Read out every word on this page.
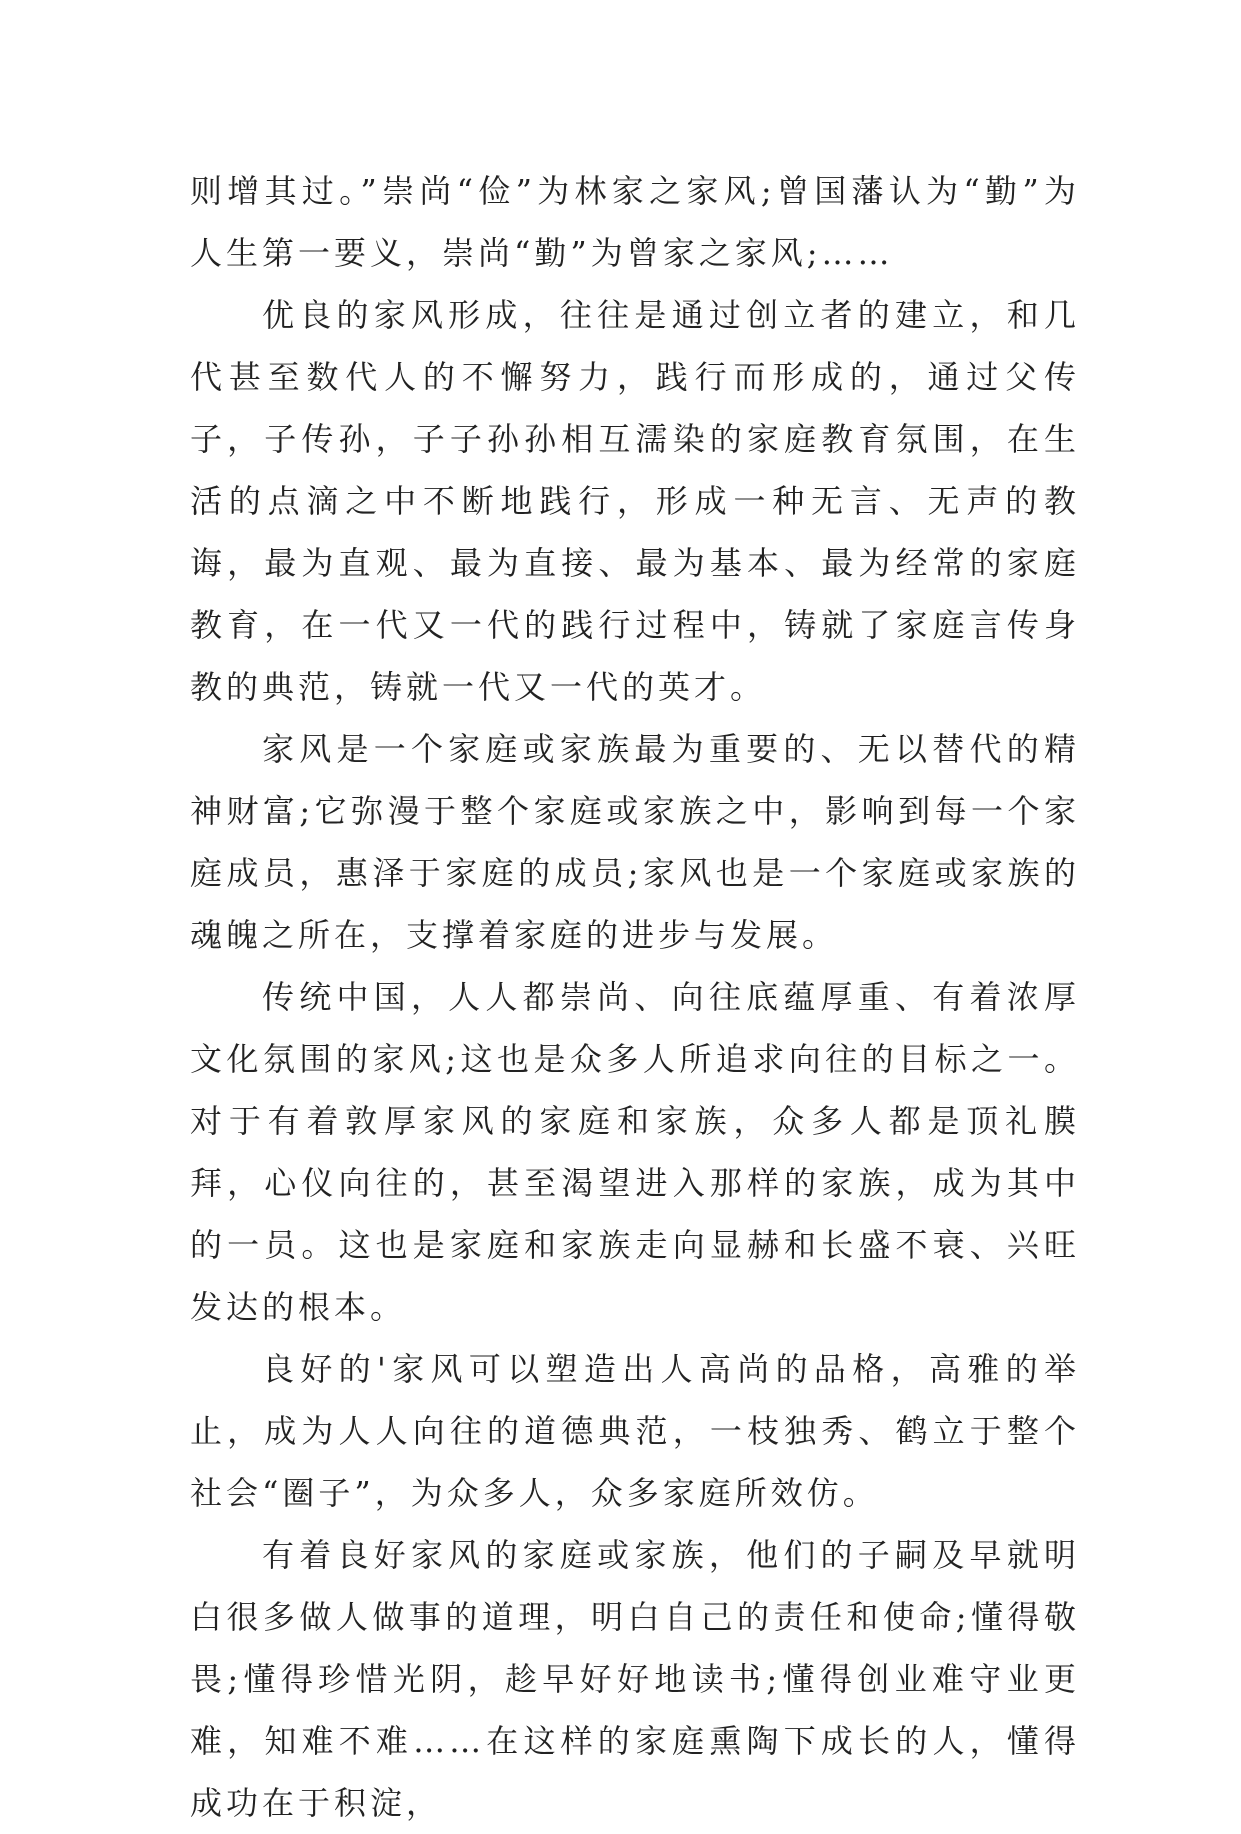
则增其过。”崇尚“俭”为林家之家风;曾国藩认为“勤”为人生第一要义，崇尚“勤”为曾家之家风;……

优良的家风形成，往往是通过创立者的建立，和几代甚至数代人的不懈努力，践行而形成的，通过父传子，子传孙，子子孙孙相互濡染的家庭教育氛围，在生活的点滴之中不断地践行，形成一种无言、无声的教诲，最为直观、最为直接、最为基本、最为经常的家庭教育，在一代又一代的践行过程中，铸就了家庭言传身教的典范，铸就一代又一代的英才。

家风是一个家庭或家族最为重要的、无以替代的精神财富;它弥漫于整个家庭或家族之中，影响到每一个家庭成员，惠泽于家庭的成员;家风也是一个家庭或家族的魂魄之所在，支撑着家庭的进步与发展。

传统中国，人人都崇尚、向往底蕴厚重、有着浓厚文化氛围的家风;这也是众多人所追求向往的目标之一。对于有着敦厚家风的家庭和家族，众多人都是顶礼膜拜，心仪向往的，甚至渴望进入那样的家族，成为其中的一员。这也是家庭和家族走向显赫和长盛不衰、兴旺发达的根本。

良好的'家风可以塑造出人高尚的品格，高雅的举止，成为人人向往的道德典范，一枝独秀、鹤立于整个社会“圈子”，为众多人，众多家庭所效仿。

有着良好家风的家庭或家族，他们的子嗣及早就明白很多做人做事的道理，明白自己的责任和使命;懂得敬畏;懂得珍惜光阴，趁早好好地读书;懂得创业难守业更难，知难不难……在这样的家庭熏陶下成长的人，懂得成功在于积淀，
